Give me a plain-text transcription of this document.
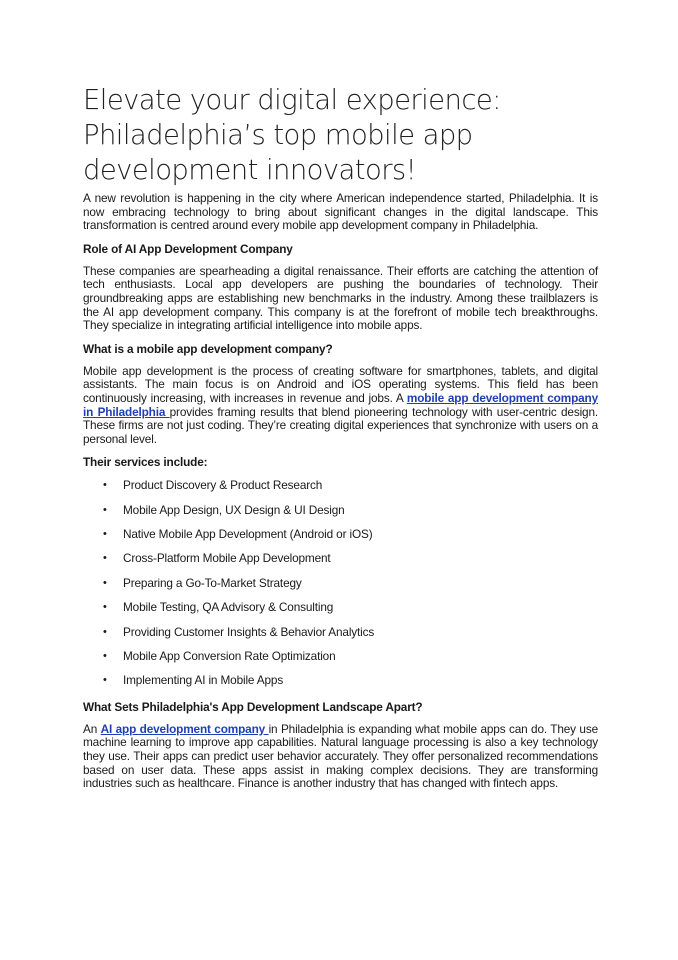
Elevate your digital experience: Philadelphia’s top mobile app development innovators!

A new revolution is happening in the city where American independence started, Philadelphia. It is now embracing technology to bring about significant changes in the digital landscape. This transformation is centred around every mobile app development company in Philadelphia.

Role of AI App Development Company

These companies are spearheading a digital renaissance. Their efforts are catching the attention of tech enthusiasts. Local app developers are pushing the boundaries of technology. Their groundbreaking apps are establishing new benchmarks in the industry. Among these trailblazers is the AI app development company. This company is at the forefront of mobile tech breakthroughs. They specialize in integrating artificial intelligence into mobile apps.

What is a mobile app development company?

Mobile app development is the process of creating software for smartphones, tablets, and digital assistants. The main focus is on Android and iOS operating systems. This field has been continuously increasing, with increases in revenue and jobs. A mobile app development company in Philadelphia provides framing results that blend pioneering technology with user-centric design. These firms are not just coding. They’re creating digital experiences that synchronize with users on a personal level.

Their services include:
• Product Discovery & Product Research
• Mobile App Design, UX Design & UI Design
• Native Mobile App Development (Android or iOS)
• Cross-Platform Mobile App Development
• Preparing a Go-To-Market Strategy
• Mobile Testing, QA Advisory & Consulting
• Providing Customer Insights & Behavior Analytics
• Mobile App Conversion Rate Optimization
• Implementing AI in Mobile Apps
What Sets Philadelphia's App Development Landscape Apart?

An AI app development company in Philadelphia is expanding what mobile apps can do. They use machine learning to improve app capabilities. Natural language processing is also a key technology they use. Their apps can predict user behavior accurately. They offer personalized recommendations based on user data. These apps assist in making complex decisions. They are transforming industries such as healthcare. Finance is another industry that has changed with fintech apps.
